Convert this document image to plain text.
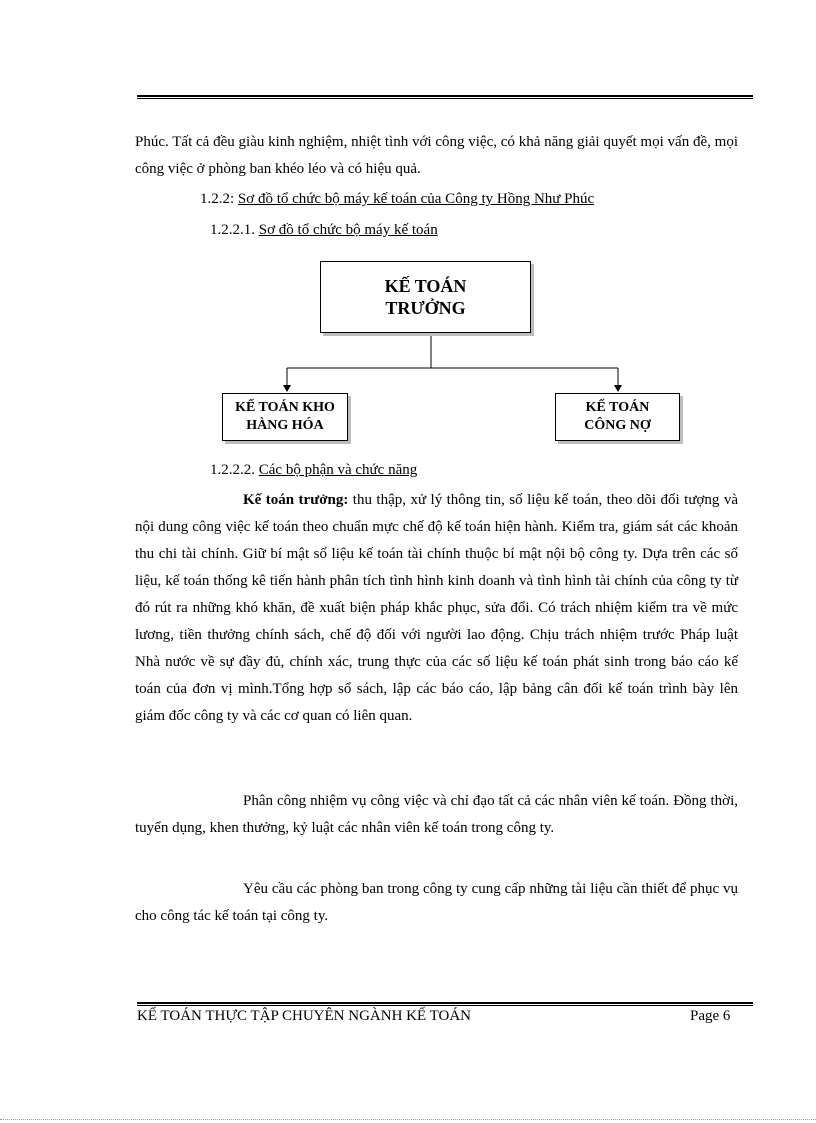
Phúc. Tất cả đều giàu kinh nghiệm, nhiệt tình với công việc, có khả năng giải quyết mọi vấn đề, mọi công việc ở phòng ban khéo léo và có hiệu quả.

1.2.2: Sơ đồ tổ chức bộ máy kế toán của Công ty Hồng Như Phúc

1.2.2.1. Sơ đồ tổ chức bộ máy kế toán

KẾ TOÁN
TRƯỞNG
KẾ TOÁN KHO
HÀNG HÓA
KẾ TOÁN
CÔNG NỢ

1.2.2.2. Các bộ phận và chức năng

Kế toán trưởng: thu thập, xử lý thông tin, số liệu kế toán, theo dõi đối tượng và nội dung công việc kế toán theo chuẩn mực chế độ kế toán hiện hành. Kiểm tra, giám sát các khoản thu chi tài chính. Giữ bí mật số liệu kế toán tài chính thuộc bí mật nội bộ công ty. Dựa trên các số liệu, kế toán thống kê tiến hành phân tích tình hình kinh doanh và tình hình tài chính của công ty từ đó rút ra những khó khăn, đề xuất biện pháp khắc phục, sửa đổi. Có trách nhiệm kiểm tra về mức lương, tiền thưởng chính sách, chế độ đối với người lao động. Chịu trách nhiệm trước Pháp luật Nhà nước về sự đầy đủ, chính xác, trung thực của các số liệu kế toán phát sinh trong báo cáo kế toán của đơn vị mình.Tổng hợp sổ sách, lập các báo cáo, lập bảng cân đối kế toán trình bày lên giám đốc công ty và các cơ quan có liên quan.

Phân công nhiệm vụ công việc và chỉ đạo tất cả các nhân viên kế toán. Đồng thời, tuyển dụng, khen thưởng, kỷ luật các nhân viên kế toán trong công ty.

Yêu cầu các phòng ban trong công ty cung cấp những tài liệu cần thiết để phục vụ cho công tác kế toán tại công ty.

KẾ TOÁN THỰC TẬP CHUYÊN NGÀNH KẾ TOÁN	Page 6
